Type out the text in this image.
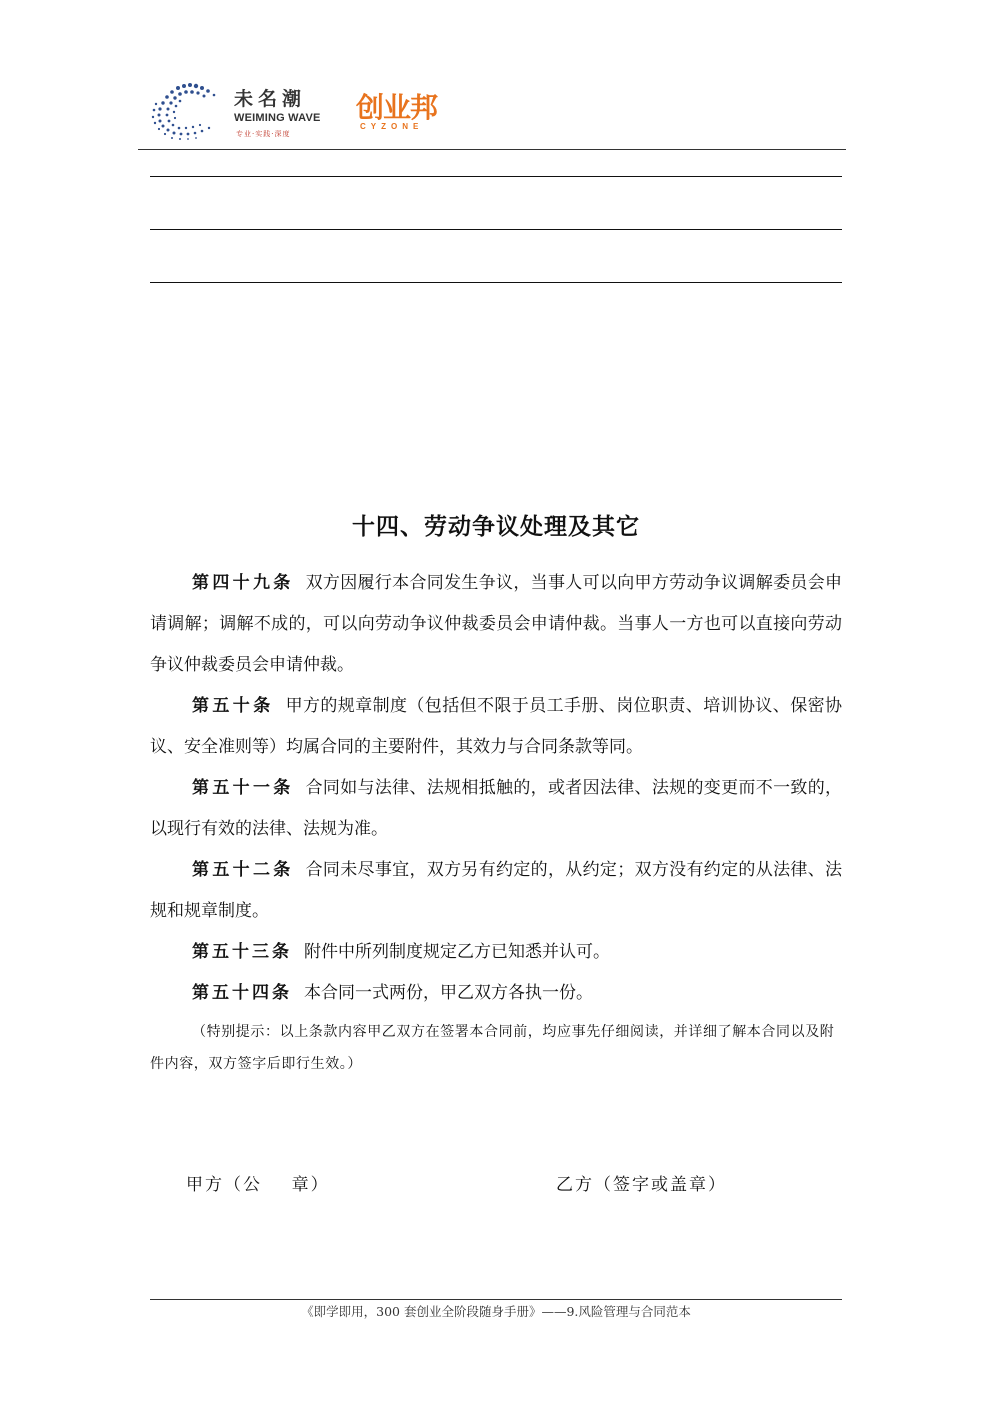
未名潮
WEIMING WAVE
专业·实践·深度
创业邦
CYZONE
十四、劳动争议处理及其它

第四十九条 双方因履行本合同发生争议，当事人可以向甲方劳动争议调解委员会申请调解；调解不成的，可以向劳动争议仲裁委员会申请仲裁。当事人一方也可以直接向劳动争议仲裁委员会申请仲裁。

第五十条 甲方的规章制度（包括但不限于员工手册、岗位职责、培训协议、保密协议、安全准则等）均属合同的主要附件，其效力与合同条款等同。

第五十一条 合同如与法律、法规相抵触的，或者因法律、法规的变更而不一致的，以现行有效的法律、法规为准。

第五十二条 合同未尽事宜，双方另有约定的，从约定；双方没有约定的从法律、法规和规章制度。

第五十三条 附件中所列制度规定乙方已知悉并认可。

第五十四条 本合同一式两份，甲乙双方各执一份。

（特别提示：以上条款内容甲乙双方在签署本合同前，均应事先仔细阅读，并详细了解本合同以及附件内容，双方签字后即行生效。）
甲方（公    章）	乙方（签字或盖章）
《即学即用，300 套创业全阶段随身手册》——9.风险管理与合同范本
